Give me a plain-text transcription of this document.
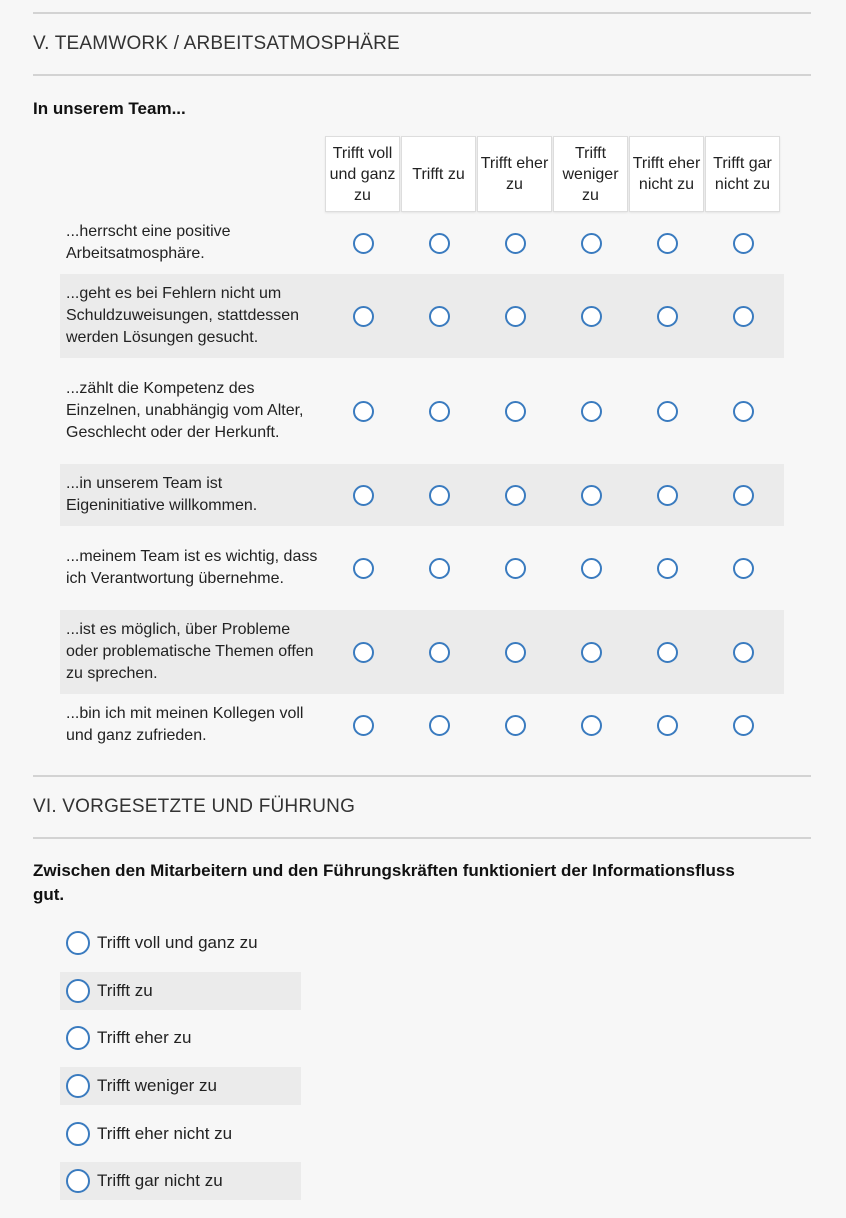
V. TEAMWORK / ARBEITSATMOSPHÄRE
In unserem Team...
Trifft voll und ganz zu
Trifft zu
Trifft eher zu
Trifft weniger zu
Trifft eher nicht zu
Trifft gar nicht zu
...herrscht eine positive Arbeitsatmosphäre.
...geht es bei Fehlern nicht um Schuldzuweisungen, stattdessen werden Lösungen gesucht.
...zählt die Kompetenz des Einzelnen, unabhängig vom Alter, Geschlecht oder der Herkunft.
...in unserem Team ist Eigeninitiative willkommen.
...meinem Team ist es wichtig, dass ich Verantwortung übernehme.
...ist es möglich, über Probleme oder problematische Themen offen zu sprechen.
...bin ich mit meinen Kollegen voll und ganz zufrieden.
VI. VORGESETZTE UND FÜHRUNG
Zwischen den Mitarbeitern und den Führungskräften funktioniert der Informationsfluss gut.
Trifft voll und ganz zu
Trifft zu
Trifft eher zu
Trifft weniger zu
Trifft eher nicht zu
Trifft gar nicht zu
